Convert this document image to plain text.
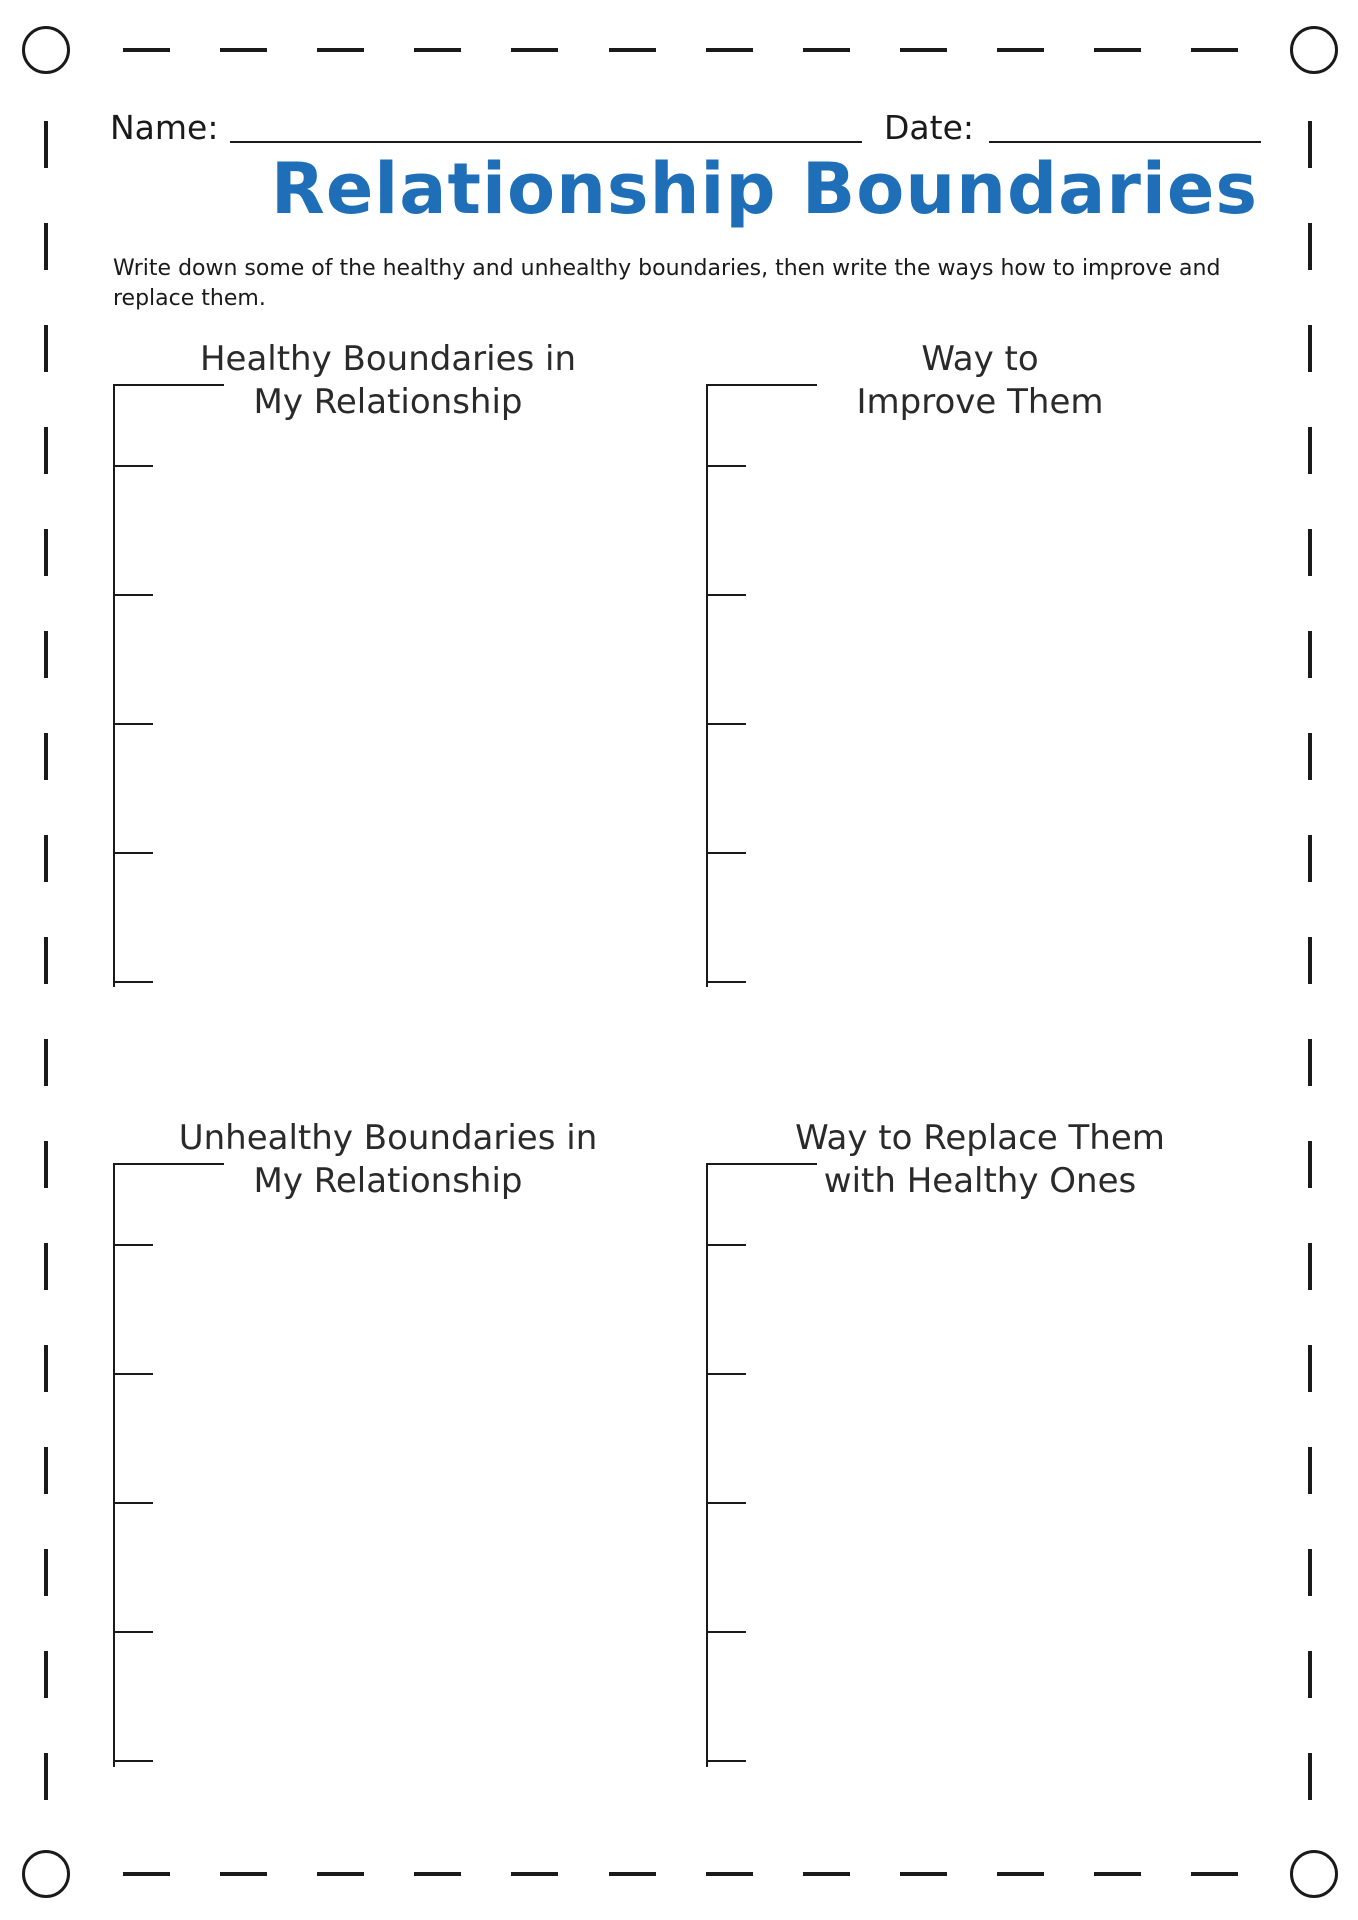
Name:	Date:
Relationship Boundaries
Write down some of the healthy and unhealthy boundaries, then write the ways how to improve and replace them.
Healthy Boundaries in
My Relationship
Way to
Improve Them
Unhealthy Boundaries in
My Relationship
Way to Replace Them
with Healthy Ones
